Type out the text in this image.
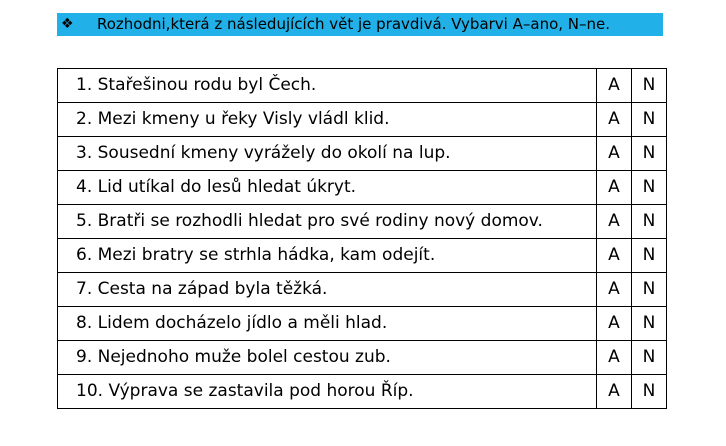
❖	Rozhodni,která z následujících vět je pravdivá. Vybarvi A–ano, N–ne.
1. Stařešinou rodu byl Čech.	A	N
2. Mezi kmeny u řeky Visly vládl klid.	A	N
3. Sousední kmeny vyrážely do okolí na lup.	A	N
4. Lid utíkal do lesů hledat úkryt.	A	N
5. Bratři se rozhodli hledat pro své rodiny nový domov.	A	N
6. Mezi bratry se strhla hádka, kam odejít.	A	N
7. Cesta na západ byla těžká.	A	N
8. Lidem docházelo jídlo a měli hlad.	A	N
9. Nejednoho muže bolel cestou zub.	A	N
10. Výprava se zastavila pod horou Říp.	A	N
